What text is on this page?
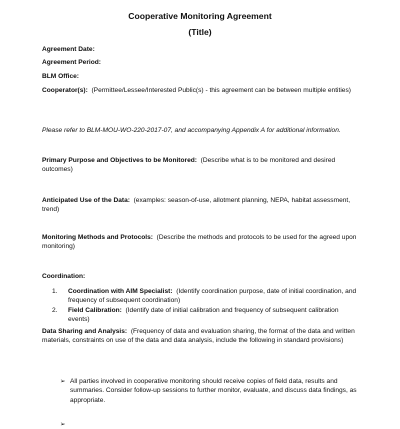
Cooperative Monitoring Agreement
(Title)
Agreement Date:
Agreement Period:
BLM Office:
Cooperator(s): (Permittee/Lessee/Interested Public(s) - this agreement can be between multiple entities)
Please refer to BLM-MOU-WO-220-2017-07, and accompanying Appendix A for additional information.
Primary Purpose and Objectives to be Monitored: (Describe what is to be monitored and desired outcomes)
Anticipated Use of the Data: (examples: season-of-use, allotment planning, NEPA, habitat assessment, trend)
Monitoring Methods and Protocols: (Describe the methods and protocols to be used for the agreed upon monitoring)
Coordination:
1.	Coordination with AIM Specialist: (Identify coordination purpose, date of initial coordination, and frequency of subsequent coordination)
2.	Field Calibration: (Identify date of initial calibration and frequency of subsequent calibration events)
Data Sharing and Analysis: (Frequency of data and evaluation sharing, the format of the data and written materials, constraints on use of the data and data analysis, include the following in standard provisions)
➢ All parties involved in cooperative monitoring should receive copies of field data, results and summaries. Consider follow-up sessions to further monitor, evaluate, and discuss data findings, as appropriate.
➢
